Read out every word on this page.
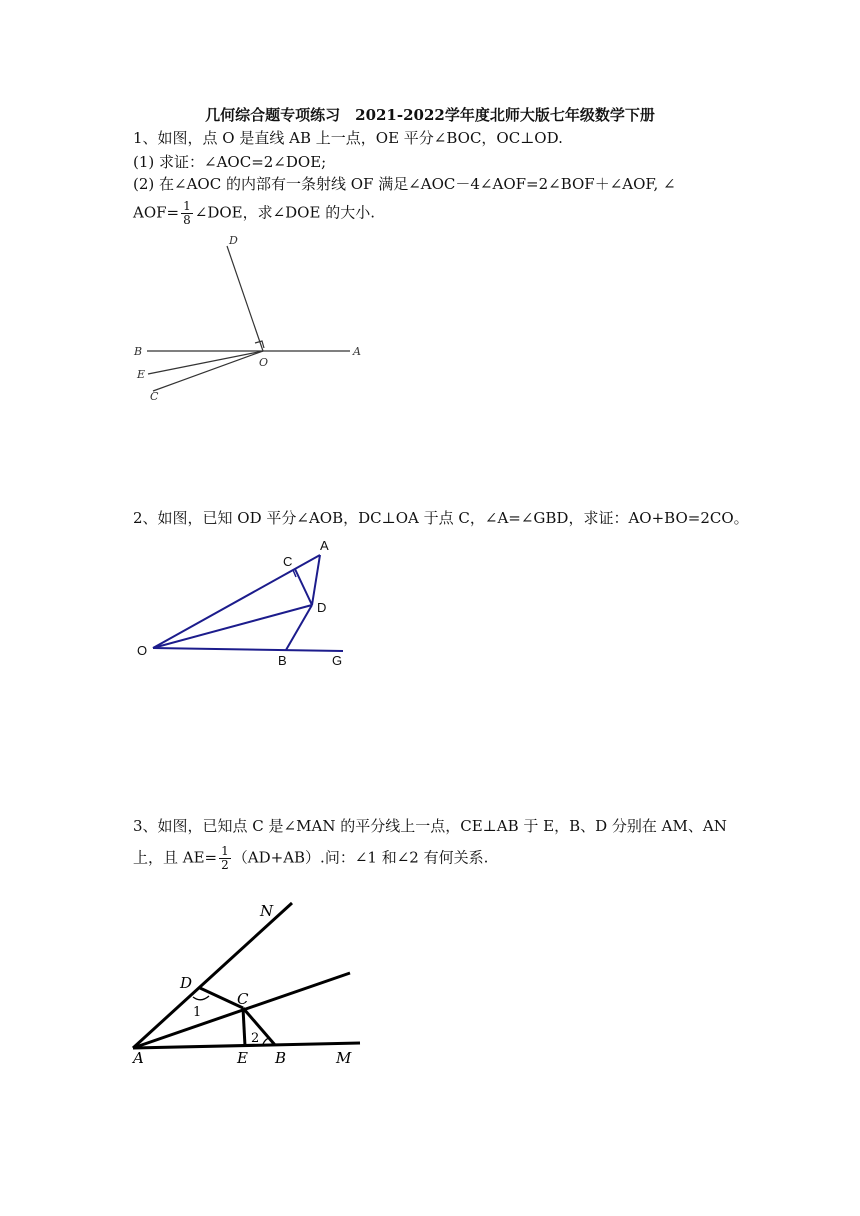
几何综合题专项练习　2021-2022学年度北师大版七年级数学下册
1、如图，点 O 是直线 AB 上一点，OE 平分∠BOC，OC⊥OD.
(1) 求证：∠AOC=2∠DOE;
(2) 在∠AOC 的内部有一条射线 OF 满足∠AOC－4∠AOF=2∠BOF＋∠AOF, ∠
$AOF= \frac{1}{8}$ ∠DOE，求∠DOE 的大小.
D
B	A
O
E
C
C
A
D
O
B	G
N
D
C
1
2
A	E B	M
2、如图，已知 OD 平分∠AOB，DC⊥OA 于点 C，∠A=∠GBD，求证：AO+BO=2CO。
3、如图，已知点 C 是∠MAN 的平分线上一点，CE⊥AB 于 E，B、D 分别在 AM、AN
上，且 $AE= \frac{1}{2} (AD+AB)$.问：∠1 和∠2 有何关系.
